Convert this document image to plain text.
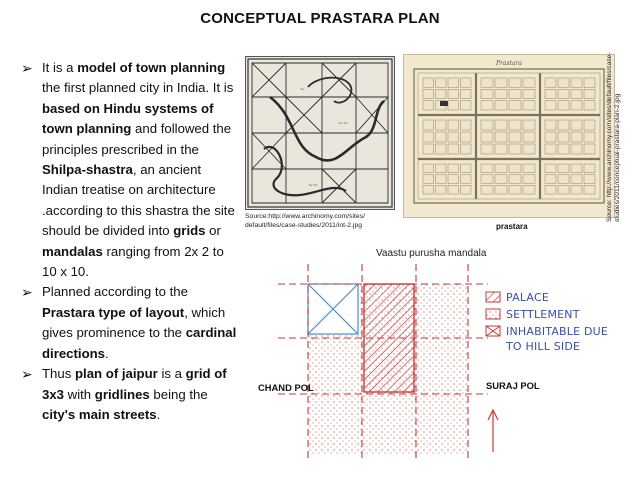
CONCEPTUAL PRASTARA PLAN
➢ It is a model of town planning the first planned city in India. It is based on Hindu systems of town planning and followed the principles prescribed in the Shilpa-shastra, an ancient Indian treatise on architecture .according to this shastra the site should be divided into grids or mandalas ranging from 2x 2 to 10 x 10.
➢ Planned according to the Prastara type of layout, which gives prominence to the cardinal directions.
➢ Thus plan of jaipur is a grid of 3x3 with gridlines being the city's main streets.
~
~~
~~
Source:http://www.archinomy.com/sites/ default/files/case-studies/2011/int-2.jpg
Prastara
prastara
Source: http://www.archinomy.com/sites/default/files/case-studies/2011/conceptual-prastara-plan-2.jpg
Vaastu purusha mandala
PALACE
SETTLEMENT
INHABITABLE DUE
TO HILL SIDE
CHAND POL	SURAJ POL
